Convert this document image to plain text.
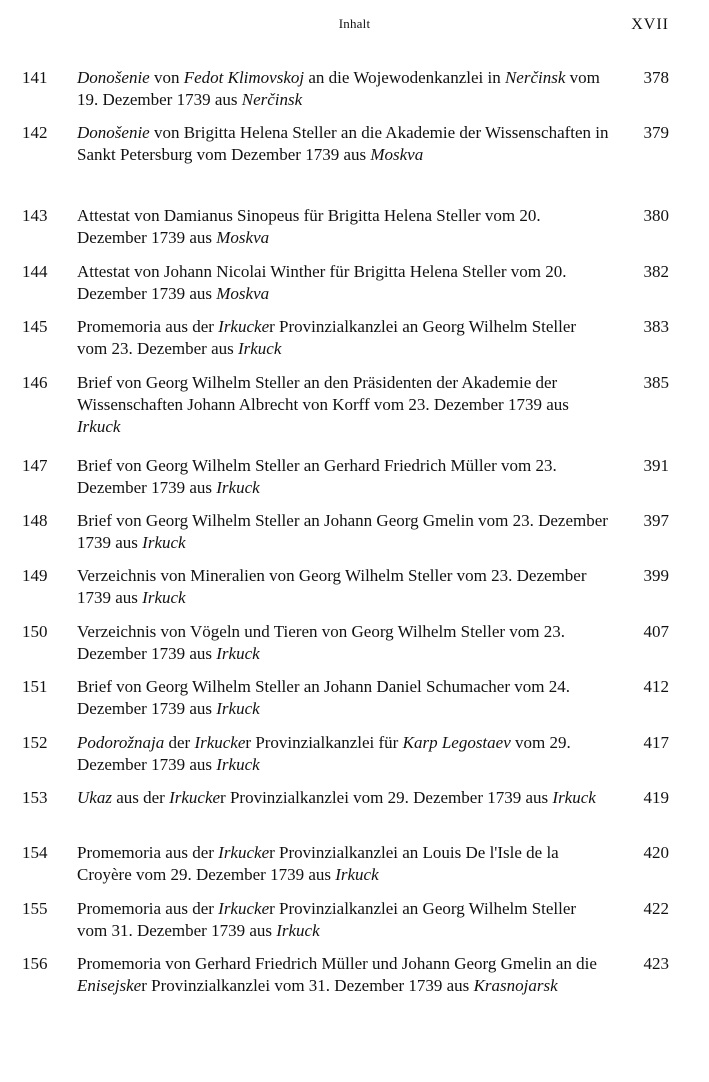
Inhalt	XVII
141 Donošenie von Fedot Klimovskoj an die Wojewodenkanzlei in Nerčinsk vom 19. Dezember 1739 aus Nerčinsk
378
142 Donošenie von Brigitta Helena Steller an die Akademie der Wissenschaften in Sankt Petersburg vom Dezember 1739 aus Moskva
379
143 Attestat von Damianus Sinopeus für Brigitta Helena Steller vom 20. Dezember 1739 aus Moskva
380
144 Attestat von Johann Nicolai Winther für Brigitta Helena Steller vom 20. Dezember 1739 aus Moskva
382
145 Promemoria aus der Irkucker Provinzialkanzlei an Georg Wilhelm Steller vom 23. Dezember aus Irkuck
383
146 Brief von Georg Wilhelm Steller an den Präsidenten der Akademie der Wissenschaften Johann Albrecht von Korff vom 23. Dezember 1739 aus Irkuck
385
147 Brief von Georg Wilhelm Steller an Gerhard Friedrich Müller vom 23. Dezember 1739 aus Irkuck
391
148 Brief von Georg Wilhelm Steller an Johann Georg Gmelin vom 23. Dezember 1739 aus Irkuck
397
149 Verzeichnis von Mineralien von Georg Wilhelm Steller vom 23. Dezember 1739 aus Irkuck
399
150 Verzeichnis von Vögeln und Tieren von Georg Wilhelm Steller vom 23. Dezember 1739 aus Irkuck
407
151 Brief von Georg Wilhelm Steller an Johann Daniel Schumacher vom 24. Dezember 1739 aus Irkuck
412
152 Podorožnaja der Irkucker Provinzialkanzlei für Karp Legostaev vom 29. Dezember 1739 aus Irkuck
417
153 Ukaz aus der Irkucker Provinzialkanzlei vom 29. Dezember 1739 aus Irkuck	419
154 Promemoria aus der Irkucker Provinzialkanzlei an Louis De l'Isle de la Croyère vom 29. Dezember 1739 aus Irkuck
420
155 Promemoria aus der Irkucker Provinzialkanzlei an Georg Wilhelm Steller vom 31. Dezember 1739 aus Irkuck
422
156 Promemoria von Gerhard Friedrich Müller und Johann Georg Gmelin an die Enisejsker Provinzialkanzlei vom 31. Dezember 1739 aus Krasnojarsk
423
